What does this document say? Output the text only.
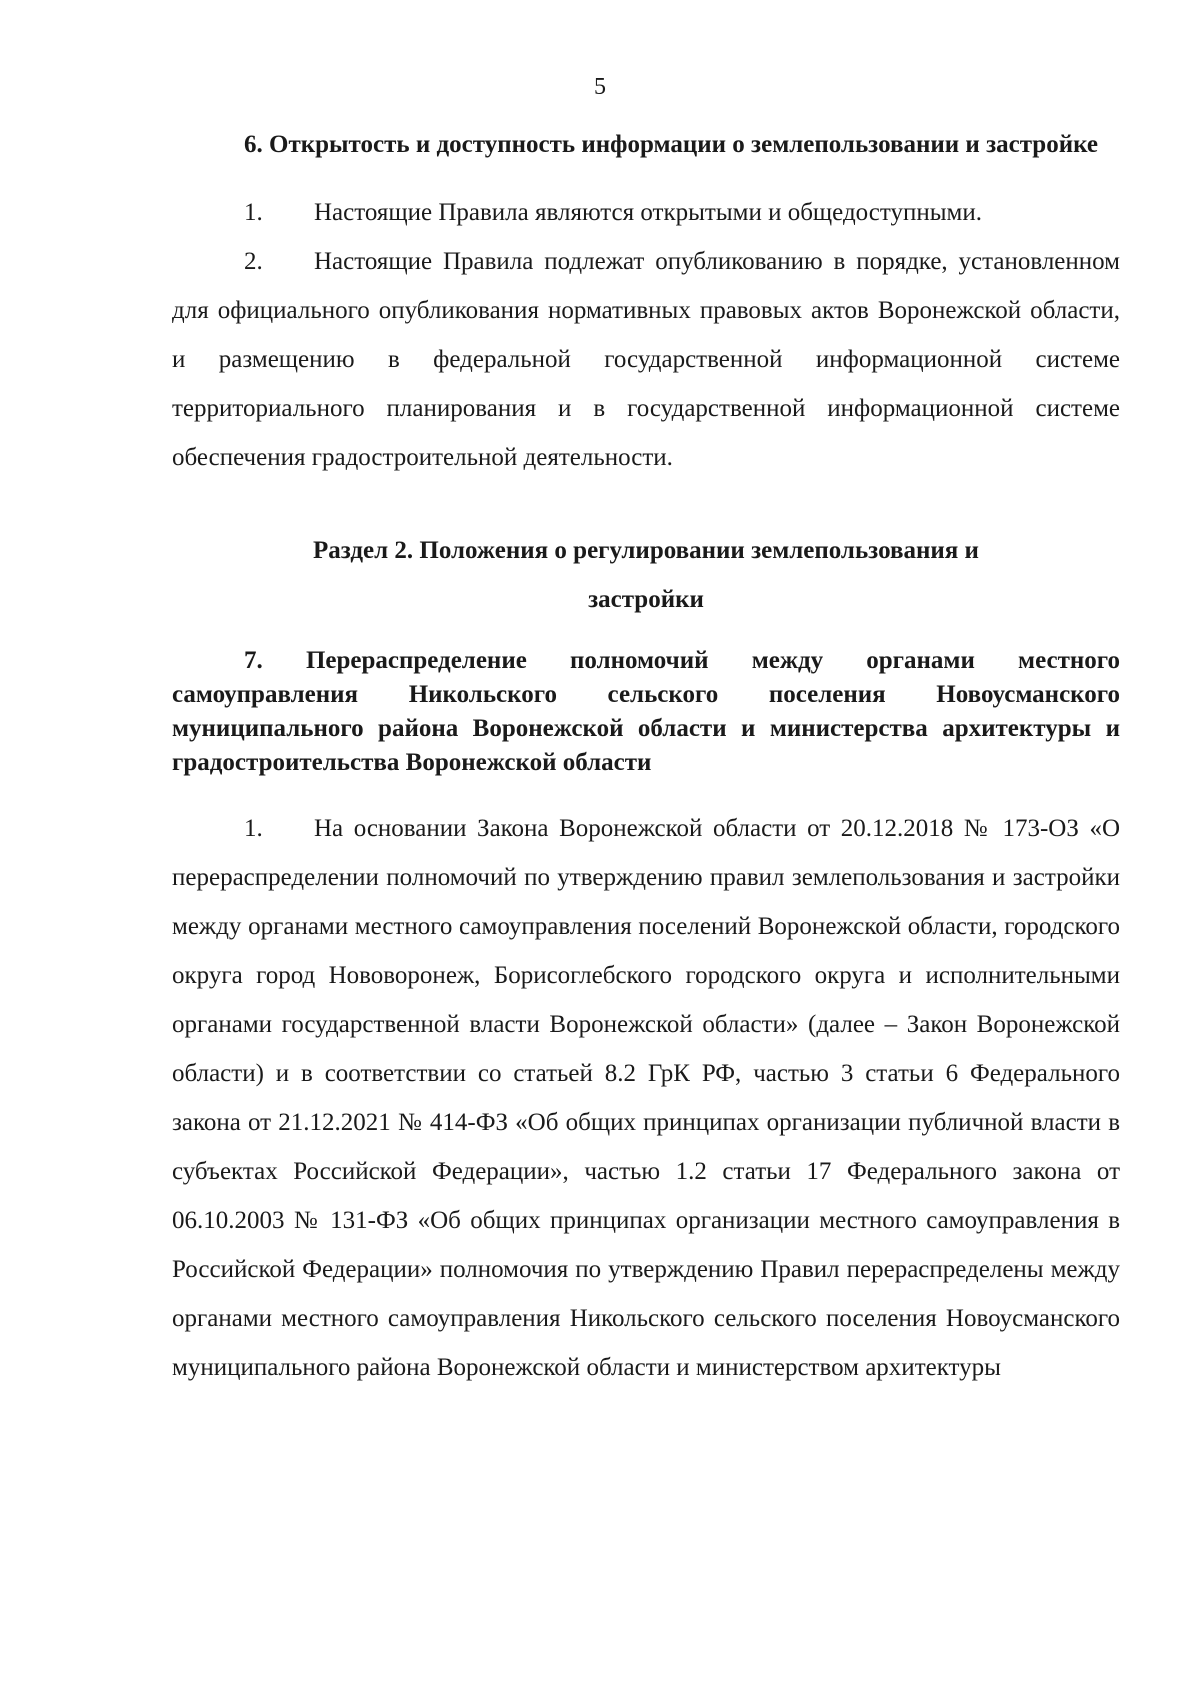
5

6. Открытость и доступность информации о землепользовании и застройке

1. Настоящие Правила являются открытыми и общедоступными.

2. Настоящие Правила подлежат опубликованию в порядке, установленном для официального опубликования нормативных правовых актов Воронежской области, и размещению в федеральной государственной информационной системе территориального планирования и в государственной информационной системе обеспечения градостроительной деятельности.

Раздел 2. Положения о регулировании землепользования и

застройки

7. Перераспределение полномочий между органами местного самоуправления Никольского сельского поселения Новоусманского муниципального района Воронежской области и министерства архитектуры и градостроительства Воронежской области

1. На основании Закона Воронежской области от 20.12.2018 № 173-ОЗ «О перераспределении полномочий по утверждению правил землепользования и застройки между органами местного самоуправления поселений Воронежской области, городского округа город Нововоронеж, Борисоглебского городского округа и исполнительными органами государственной власти Воронежской области» (далее – Закон Воронежской области) и в соответствии со статьей 8.2 ГрК РФ, частью 3 статьи 6 Федерального закона от 21.12.2021 № 414-ФЗ «Об общих принципах организации публичной власти в субъектах Российской Федерации», частью 1.2 статьи 17 Федерального закона от 06.10.2003 № 131-ФЗ «Об общих принципах организации местного самоуправления в Российской Федерации» полномочия по утверждению Правил перераспределены между органами местного самоуправления Никольского сельского поселения Новоусманского муниципального района Воронежской области и министерством архитектуры
